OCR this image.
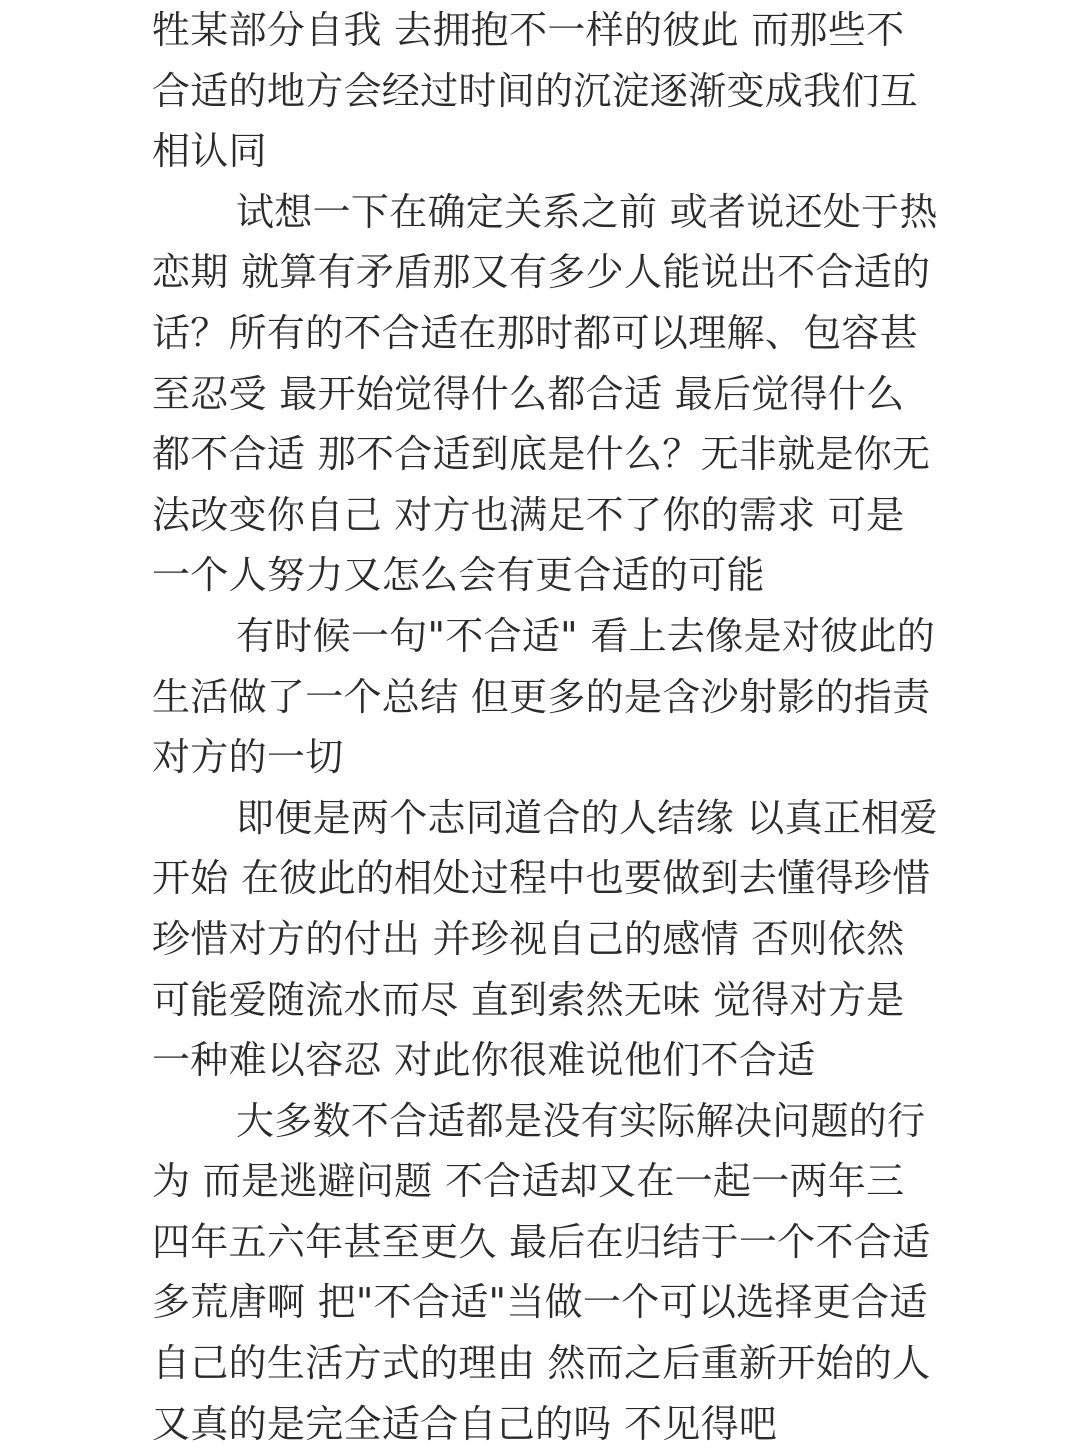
牲某部分自我 去拥抱不一样的彼此 而那些不
合适的地方会经过时间的沉淀逐渐变成我们互
相认同

试想一下在确定关系之前 或者说还处于热
恋期 就算有矛盾那又有多少人能说出不合适的
话？所有的不合适在那时都可以理解、包容甚
至忍受 最开始觉得什么都合适 最后觉得什么
都不合适 那不合适到底是什么？无非就是你无
法改变你自己 对方也满足不了你的需求 可是
一个人努力又怎么会有更合适的可能

有时候一句"不合适" 看上去像是对彼此的
生活做了一个总结 但更多的是含沙射影的指责
对方的一切

即便是两个志同道合的人结缘 以真正相爱
开始 在彼此的相处过程中也要做到去懂得珍惜
珍惜对方的付出 并珍视自己的感情 否则依然
可能爱随流水而尽 直到索然无味 觉得对方是
一种难以容忍 对此你很难说他们不合适

大多数不合适都是没有实际解决问题的行
为 而是逃避问题 不合适却又在一起一两年三
四年五六年甚至更久 最后在归结于一个不合适
多荒唐啊 把"不合适"当做一个可以选择更合适
自己的生活方式的理由 然而之后重新开始的人
又真的是完全适合自己的吗 不见得吧
